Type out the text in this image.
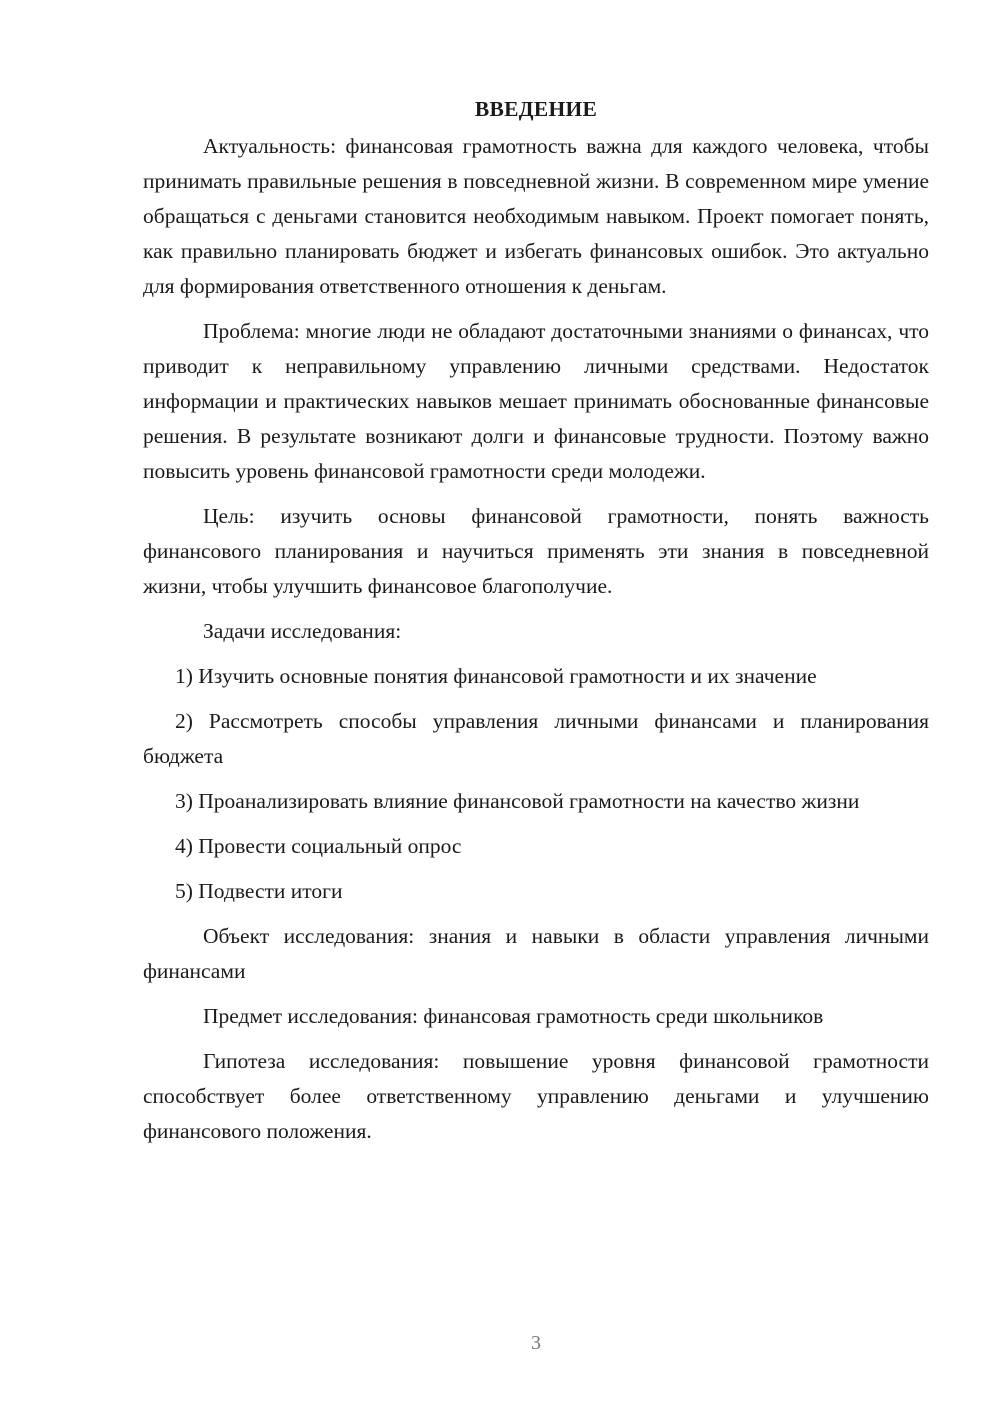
ВВЕДЕНИЕ

Актуальность: финансовая грамотность важна для каждого человека, чтобы принимать правильные решения в повседневной жизни. В современном мире умение обращаться с деньгами становится необходимым навыком. Проект помогает понять, как правильно планировать бюджет и избегать финансовых ошибок. Это актуально для формирования ответственного отношения к деньгам.

Проблема: многие люди не обладают достаточными знаниями о финансах, что приводит к неправильному управлению личными средствами. Недостаток информации и практических навыков мешает принимать обоснованные финансовые решения. В результате возникают долги и финансовые трудности. Поэтому важно повысить уровень финансовой грамотности среди молодежи.

Цель: изучить основы финансовой грамотности, понять важность финансового планирования и научиться применять эти знания в повседневной жизни, чтобы улучшить финансовое благополучие.

Задачи исследования:

1) Изучить основные понятия финансовой грамотности и их значение

2) Рассмотреть способы управления личными финансами и планирования бюджета

3) Проанализировать влияние финансовой грамотности на качество жизни

4) Провести социальный опрос

5) Подвести итоги

Объект исследования: знания и навыки в области управления личными финансами

Предмет исследования: финансовая грамотность среди школьников

Гипотеза исследования: повышение уровня финансовой грамотности способствует более ответственному управлению деньгами и улучшению финансового положения.

3
